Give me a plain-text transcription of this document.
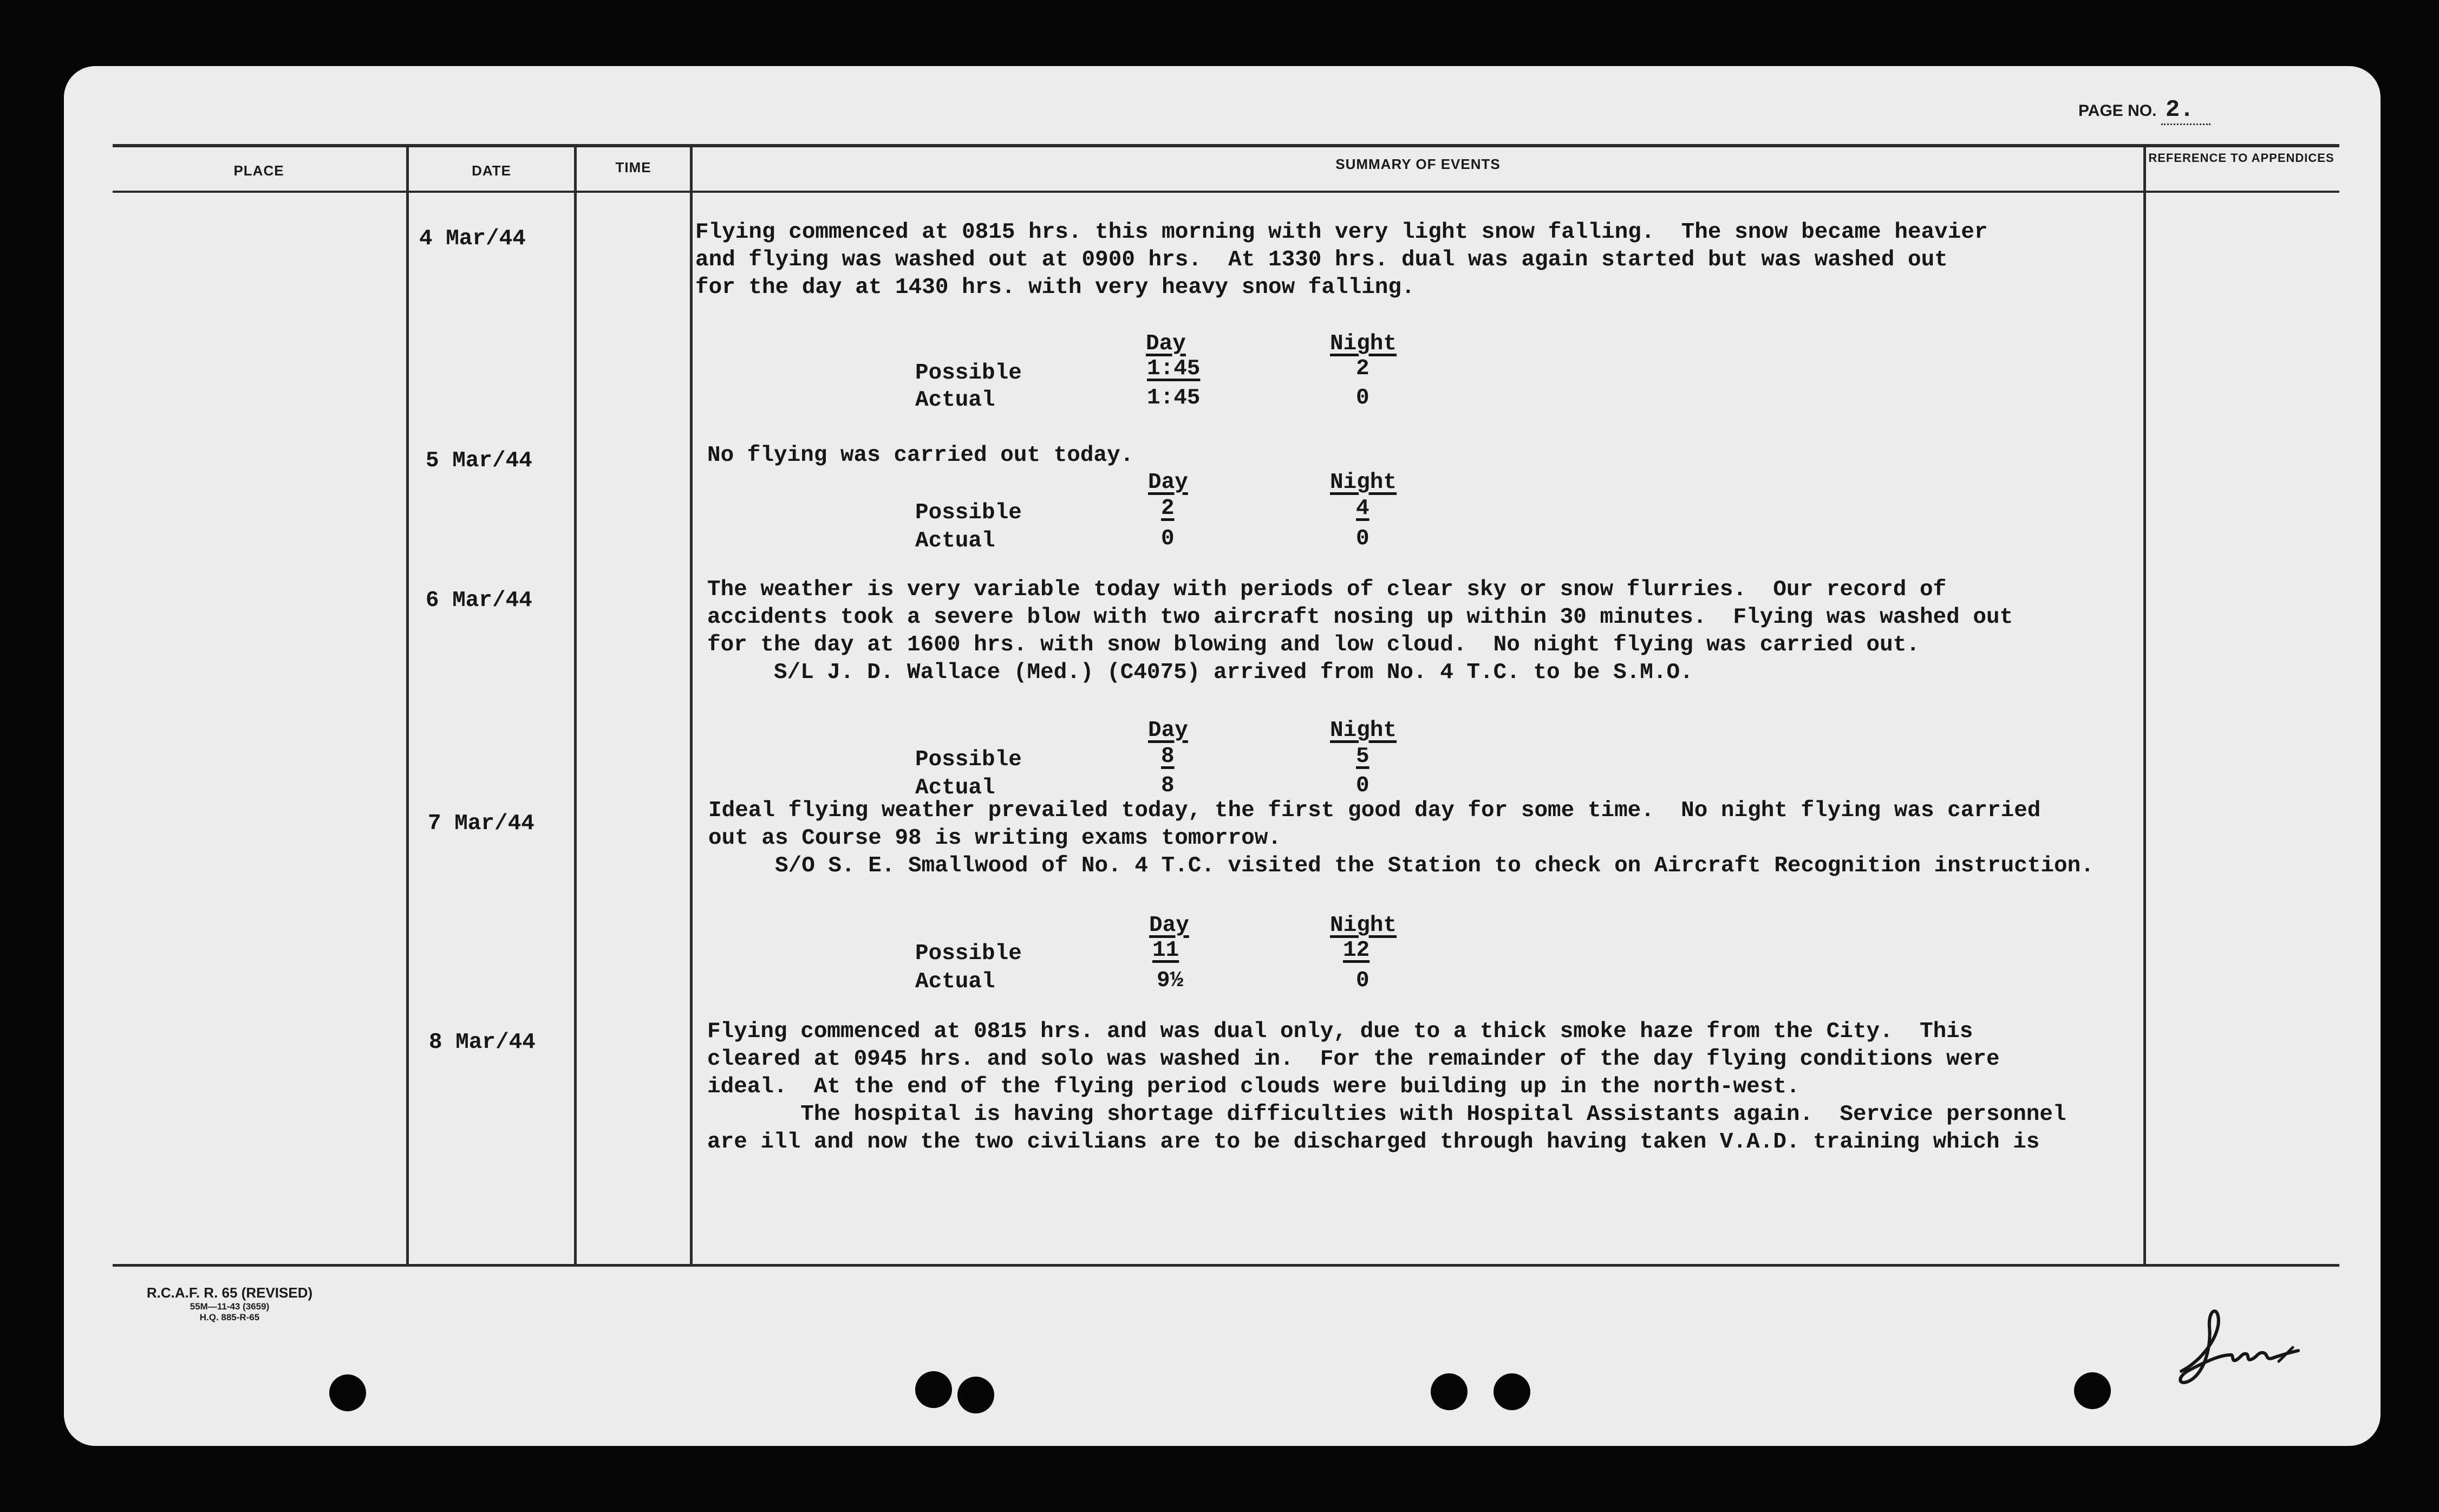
PAGE NO. 2.
PLACE	DATE	TIME	SUMMARY OF EVENTS	REFERENCE TO APPENDICES
4 Mar/44	Flying commenced at 0815 hrs. this morning with very light snow falling.  The snow became heavier
and flying was washed out at 0900 hrs.  At 1330 hrs. dual was again started but was washed out
for the day at 1430 hrs. with very heavy snow falling.
Day	Night
Possible	1:45	2
Actual	1:45	0
5 Mar/44	No flying was carried out today.
Day	Night
Possible	2	4
Actual	0	0
6 Mar/44	The weather is very variable today with periods of clear sky or snow flurries.  Our record of
accidents took a severe blow with two aircraft nosing up within 30 minutes.  Flying was washed out
for the day at 1600 hrs. with snow blowing and low cloud.  No night flying was carried out.
S/L J. D. Wallace (Med.) (C4075) arrived from No. 4 T.C. to be S.M.O.
Day	Night
Possible	8	5
Actual	8	0
7 Mar/44
Ideal flying weather prevailed today, the first good day for some time.  No night flying was carried
out as Course 98 is writing exams tomorrow.
S/O S. E. Smallwood of No. 4 T.C. visited the Station to check on Aircraft Recognition instruction.
Day	Night
Possible	11	12
Actual	9½	0
8 Mar/44	Flying commenced at 0815 hrs. and was dual only, due to a thick smoke haze from the City.  This
cleared at 0945 hrs. and solo was washed in.  For the remainder of the day flying conditions were
ideal.  At the end of the flying period clouds were building up in the north-west.
The hospital is having shortage difficulties with Hospital Assistants again.  Service personnel
are ill and now the two civilians are to be discharged through having taken V.A.D. training which is
R.C.A.F. R. 65 (REVISED)
55M—11-43 (3659)
H.Q. 885-R-65
